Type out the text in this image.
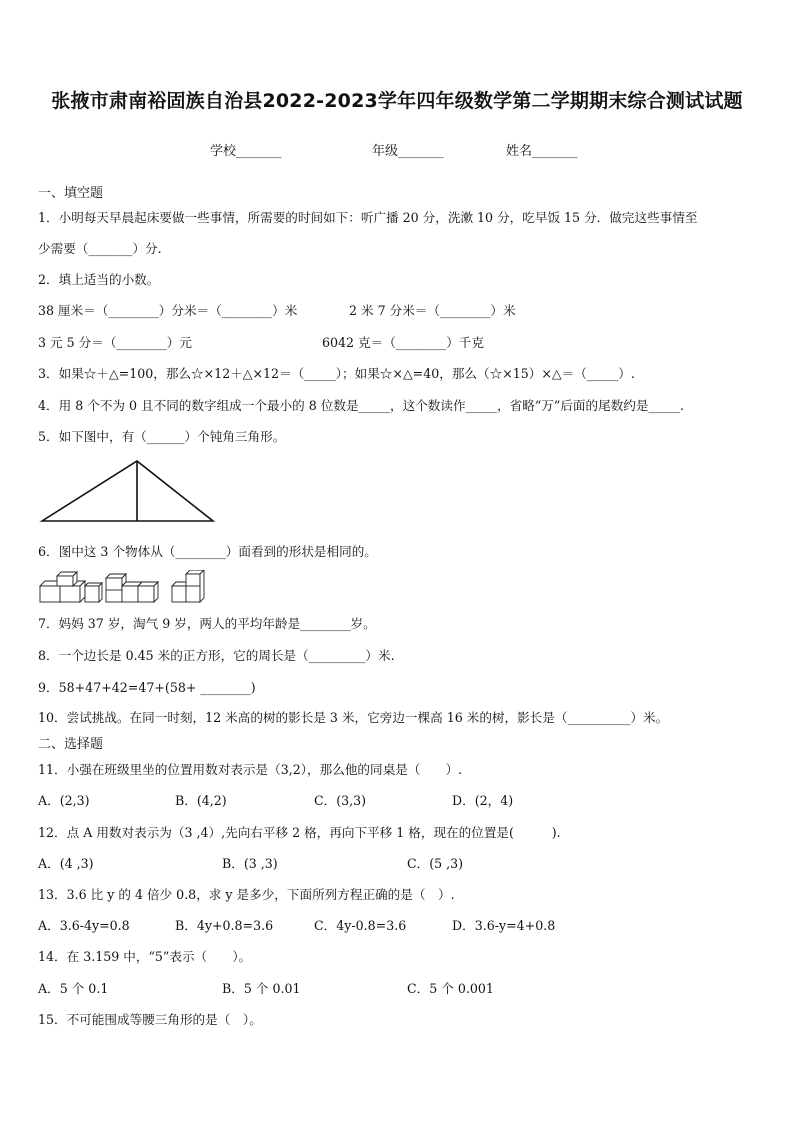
张掖市肃南裕固族自治县2022-2023学年四年级数学第二学期期末综合测试试题
学校_______	年级_______	姓名_______
一、填空题
1．小明每天早晨起床要做一些事情，所需要的时间如下：听广播 20 分，洗漱 10 分，吃早饭 15 分．做完这些事情至
少需要（_______）分.
2．填上适当的小数。
38 厘米＝（________）分米＝（________）米	2 米 7 分米＝（________）米
3 元 5 分＝（________）元	6042 克＝（________）千克
3．如果☆＋△=100，那么☆×12＋△×12＝（_____）；如果☆×△=40，那么（☆×15）×△＝（_____）.
4．用 8 个不为 0 且不同的数字组成一个最小的 8 位数是_____，这个数读作_____，省略“万”后面的尾数约是_____.
5．如下图中，有（______）个钝角三角形。
6．图中这 3 个物体从（________）面看到的形状是相同的。
7．妈妈 37 岁，淘气 9 岁，两人的平均年龄是________岁。
8．一个边长是 0.45 米的正方形，它的周长是（_________）米.
9．58+47+42=47+(58+ ________)
10．尝试挑战。在同一时刻，12 米高的树的影长是 3 米，它旁边一棵高 16 米的树，影长是（__________）米。
二、选择题
11．小强在班级里坐的位置用数对表示是（3,2），那么他的同桌是（　　）.
A．(2,3)	B．(4,2)	C．(3,3)	D．(2，4)
12．点 A 用数对表示为（3 ,4）,先向右平移 2 格，再向下平移 1 格，现在的位置是(　　　).
A．(4 ,3)	B．(3 ,3)	C．(5 ,3)
13．3.6 比 y 的 4 倍少 0.8，求 y 是多少，下面所列方程正确的是（　）.
A．3.6-4y=0.8	B．4y+0.8=3.6	C．4y-0.8=3.6	D．3.6-y=4+0.8
14．在 3.159 中，“5”表示（　　）。
A．5 个 0.1	B．5 个 0.01	C．5 个 0.001
15．不可能围成等腰三角形的是（　）。
